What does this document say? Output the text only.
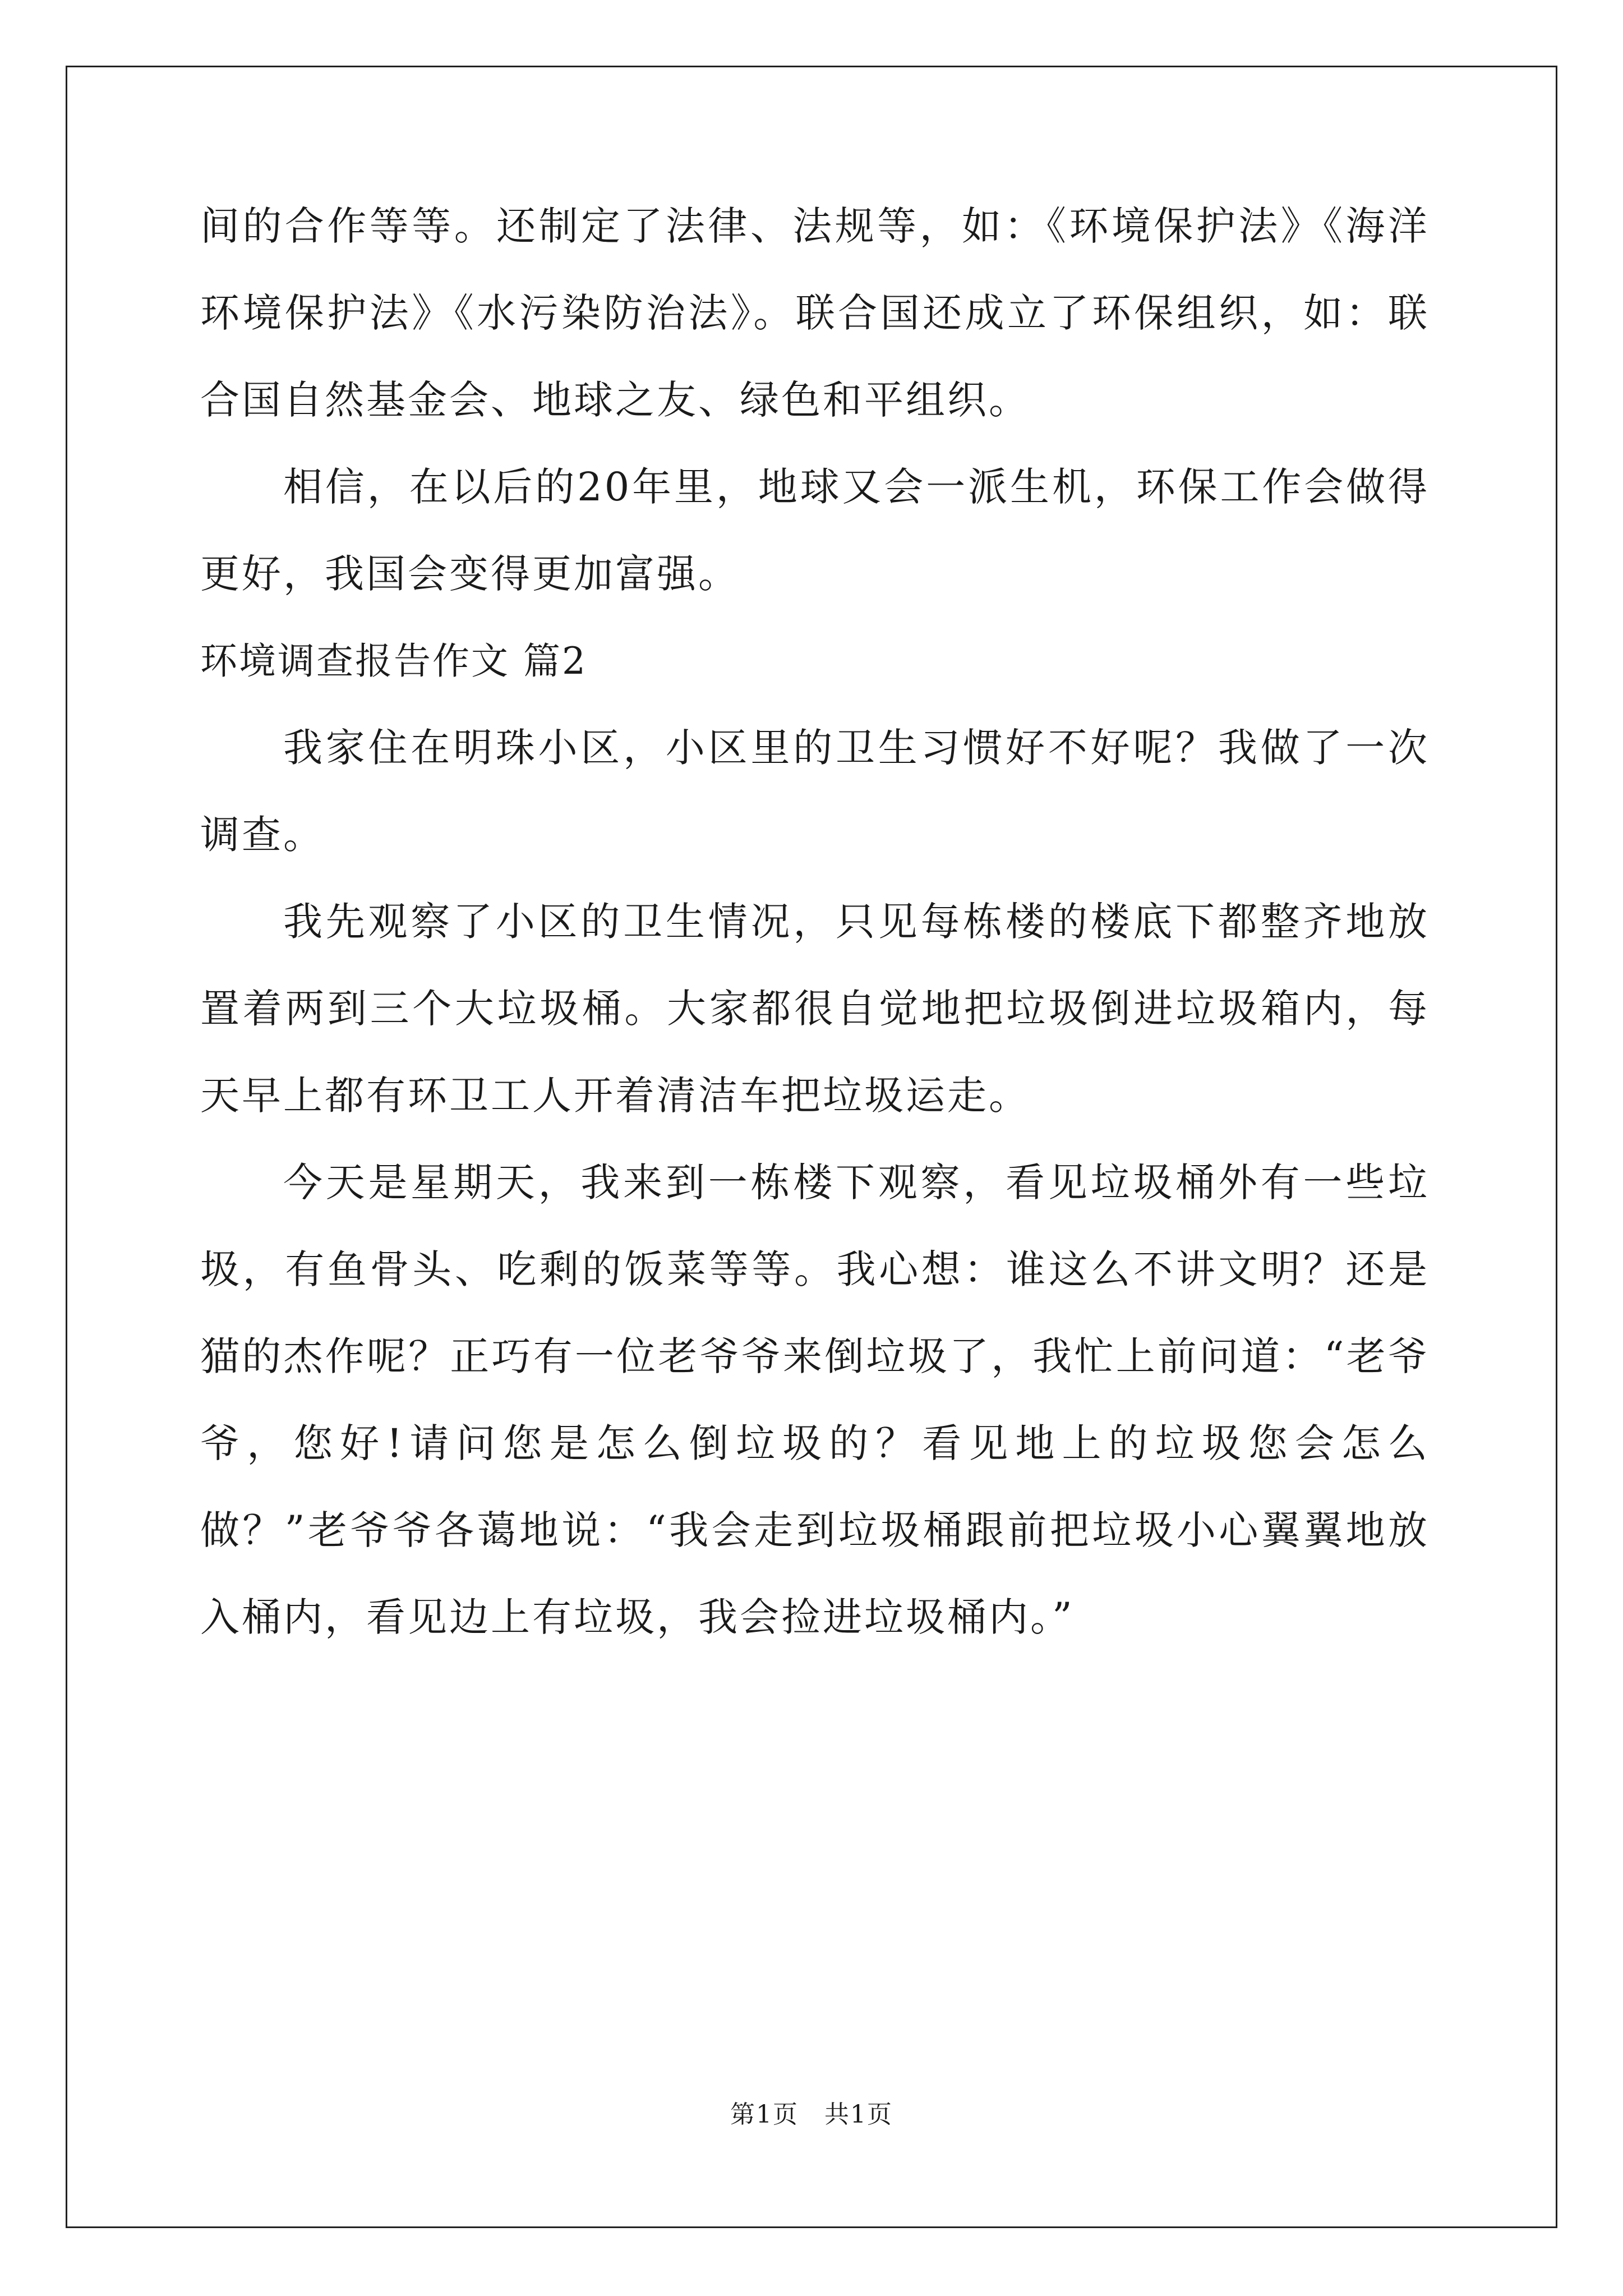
间的合作等等。还制定了法律、法规等，如：《环境保护法》《海洋环境保护法》《水污染防治法》。联合国还成立了环保组织，如：联合国自然基金会、地球之友、绿色和平组织。

相信，在以后的20年里，地球又会一派生机，环保工作会做得更好，我国会变得更加富强。

环境调查报告作文 篇2

我家住在明珠小区，小区里的卫生习惯好不好呢？我做了一次调查。

我先观察了小区的卫生情况，只见每栋楼的楼底下都整齐地放置着两到三个大垃圾桶。大家都很自觉地把垃圾倒进垃圾箱内，每天早上都有环卫工人开着清洁车把垃圾运走。

今天是星期天，我来到一栋楼下观察，看见垃圾桶外有一些垃圾，有鱼骨头、吃剩的饭菜等等。我心想：谁这么不讲文明？还是猫的杰作呢？正巧有一位老爷爷来倒垃圾了，我忙上前问道：“老爷爷，您好!请问您是怎么倒垃圾的？看见地上的垃圾您会怎么做？”老爷爷各蔼地说：“我会走到垃圾桶跟前把垃圾小心翼翼地放入桶内，看见边上有垃圾，我会捡进垃圾桶内。”

第1页　共1页
